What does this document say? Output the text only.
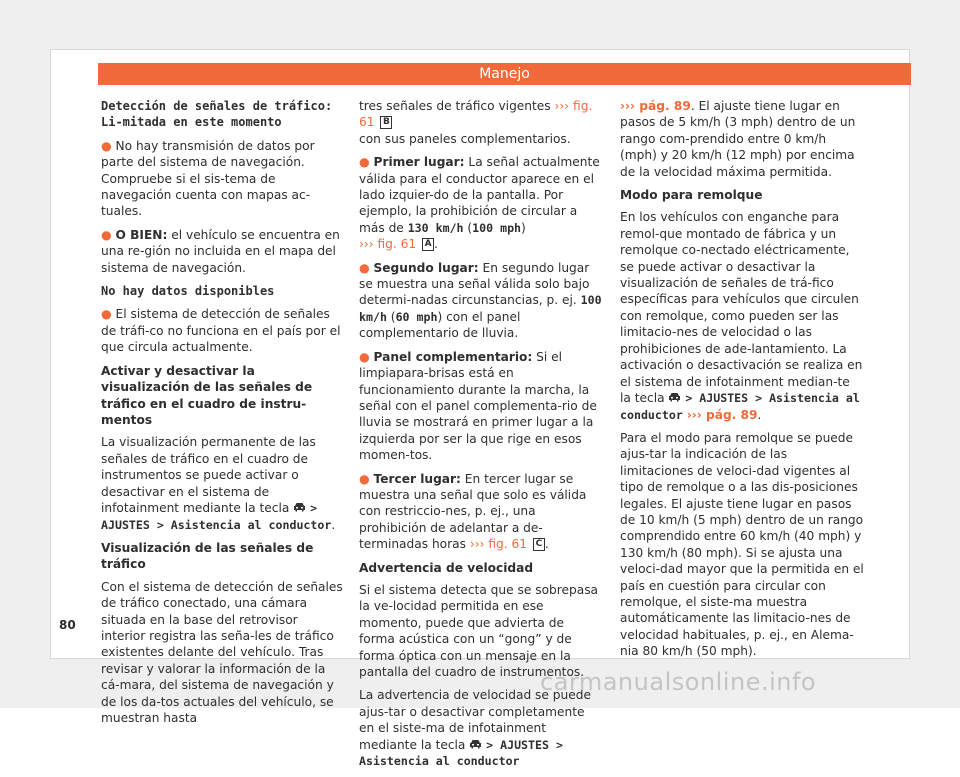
Manejo
Detección de señales de tráfico: Li-mitada en este momento

● No hay transmisión de datos por parte del sistema de navegación. Compruebe si el sis-tema de navegación cuenta con mapas ac-tuales.

● O BIEN: el vehículo se encuentra en una re-gión no incluida en el mapa del sistema de navegación.

No hay datos disponibles

● El sistema de detección de señales de tráfi-co no funciona en el país por el que circula actualmente.

Activar y desactivar la visualización de las señales de tráfico en el cuadro de instru-mentos

La visualización permanente de las señales de tráfico en el cuadro de instrumentos se puede activar o desactivar en el sistema de infotainment mediante la tecla > AJUSTES > Asistencia al conductor.

Visualización de las señales de tráfico

Con el sistema de detección de señales de tráfico conectado, una cámara situada en la base del retrovisor interior registra las seña-les de tráfico existentes delante del vehículo. Tras revisar y valorar la información de la cá-mara, del sistema de navegación y de los da-tos actuales del vehículo, se muestran hasta

tres señales de tráfico vigentes ››› fig. 61 B
con sus paneles complementarios.

● Primer lugar: La señal actualmente válida para el conductor aparece en el lado izquier-do de la pantalla. Por ejemplo, la prohibición de circular a más de 130 km/h (100 mph)
››› fig. 61 A .

● Segundo lugar: En segundo lugar se muestra una señal válida solo bajo determi-nadas circunstancias, p. ej. 100 km/h (60 mph) con el panel complementario de lluvia.

● Panel complementario: Si el limpiapara-brisas está en funcionamiento durante la marcha, la señal con el panel complementa-rio de lluvia se mostrará en primer lugar a la izquierda por ser la que rige en esos momen-tos.

● Tercer lugar: En tercer lugar se muestra una señal que solo es válida con restriccio-nes, p. ej., una prohibición de adelantar a de-terminadas horas ››› fig. 61 C .

Advertencia de velocidad

Si el sistema detecta que se sobrepasa la ve-locidad permitida en ese momento, puede que advierta de forma acústica con un “gong” y de forma óptica con un mensaje en la pantalla del cuadro de instrumentos.

La advertencia de velocidad se puede ajus-tar o desactivar completamente en el siste-ma de infotainment mediante la tecla > AJUSTES > Asistencia al conductor

››› pág. 89. El ajuste tiene lugar en pasos de 5 km/h (3 mph) dentro de un rango com-prendido entre 0 km/h (mph) y 20 km/h (12 mph) por encima de la velocidad máxima permitida.

Modo para remolque

En los vehículos con enganche para remol-que montado de fábrica y un remolque co-nectado eléctricamente, se puede activar o desactivar la visualización de señales de trá-fico específicas para vehículos que circulen con remolque, como pueden ser las limitacio-nes de velocidad o las prohibiciones de ade-lantamiento. La activación o desactivación se realiza en el sistema de infotainment median-te la tecla > AJUSTES > Asistencia al conductor ››› pág. 89.

Para el modo para remolque se puede ajus-tar la indicación de las limitaciones de veloci-dad vigentes al tipo de remolque o a las dis-posiciones legales. El ajuste tiene lugar en pasos de 10 km/h (5 mph) dentro de un rango comprendido entre 60 km/h (40 mph) y 130 km/h (80 mph). Si se ajusta una veloci-dad mayor que la permitida en el país en cuestión para circular con remolque, el siste-ma muestra automáticamente las limitacio-nes de velocidad habituales, p. ej., en Alema-nia 80 km/h (50 mph).

80
carmanualsonline.info
